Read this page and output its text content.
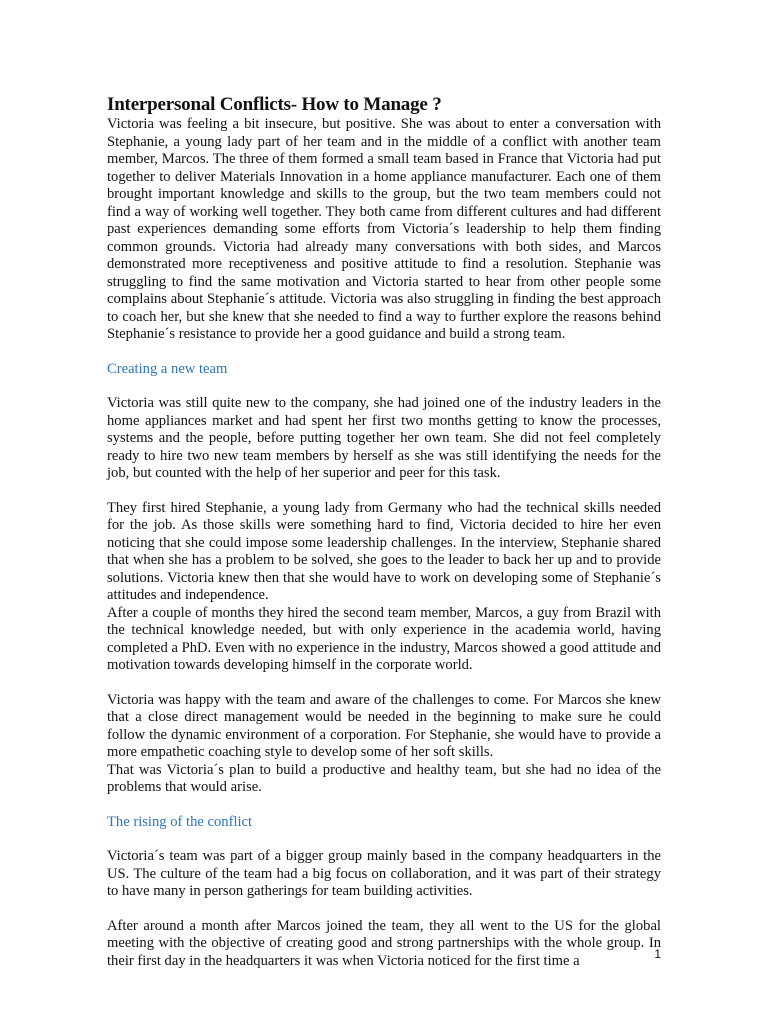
Interpersonal Conflicts- How to Manage ?

Victoria was feeling a bit insecure, but positive. She was about to enter a conversation with Stephanie, a young lady part of her team and in the middle of a conflict with another team member, Marcos. The three of them formed a small team based in France that Victoria had put together to deliver Materials Innovation in a home appliance manufacturer. Each one of them brought important knowledge and skills to the group, but the two team members could not find a way of working well together. They both came from different cultures and had different past experiences demanding some efforts from Victoria´s leadership to help them finding common grounds. Victoria had already many conversations with both sides, and Marcos demonstrated more receptiveness and positive attitude to find a resolution. Stephanie was struggling to find the same motivation and Victoria started to hear from other people some complains about Stephanie´s attitude. Victoria was also struggling in finding the best approach to coach her, but she knew that she needed to find a way to further explore the reasons behind Stephanie´s resistance to provide her a good guidance and build a strong team.

Creating a new team

Victoria was still quite new to the company, she had joined one of the industry leaders in the home appliances market and had spent her first two months getting to know the processes, systems and the people, before putting together her own team. She did not feel completely ready to hire two new team members by herself as she was still identifying the needs for the job, but counted with the help of her superior and peer for this task.

They first hired Stephanie, a young lady from Germany who had the technical skills needed for the job. As those skills were something hard to find, Victoria decided to hire her even noticing that she could impose some leadership challenges. In the interview, Stephanie shared that when she has a problem to be solved, she goes to the leader to back her up and to provide solutions. Victoria knew then that she would have to work on developing some of Stephanie´s attitudes and independence.

After a couple of months they hired the second team member, Marcos, a guy from Brazil with the technical knowledge needed, but with only experience in the academia world, having completed a PhD. Even with no experience in the industry, Marcos showed a good attitude and motivation towards developing himself in the corporate world.

Victoria was happy with the team and aware of the challenges to come. For Marcos she knew that a close direct management would be needed in the beginning to make sure he could follow the dynamic environment of a corporation. For Stephanie, she would have to provide a more empathetic coaching style to develop some of her soft skills.

That was Victoria´s plan to build a productive and healthy team, but she had no idea of the problems that would arise.

The rising of the conflict

Victoria´s team was part of a bigger group mainly based in the company headquarters in the US. The culture of the team had a big focus on collaboration, and it was part of their strategy to have many in person gatherings for team building activities.

After around a month after Marcos joined the team, they all went to the US for the global meeting with the objective of creating good and strong partnerships with the whole group. In their first day in the headquarters it was when Victoria noticed for the first time a	1
